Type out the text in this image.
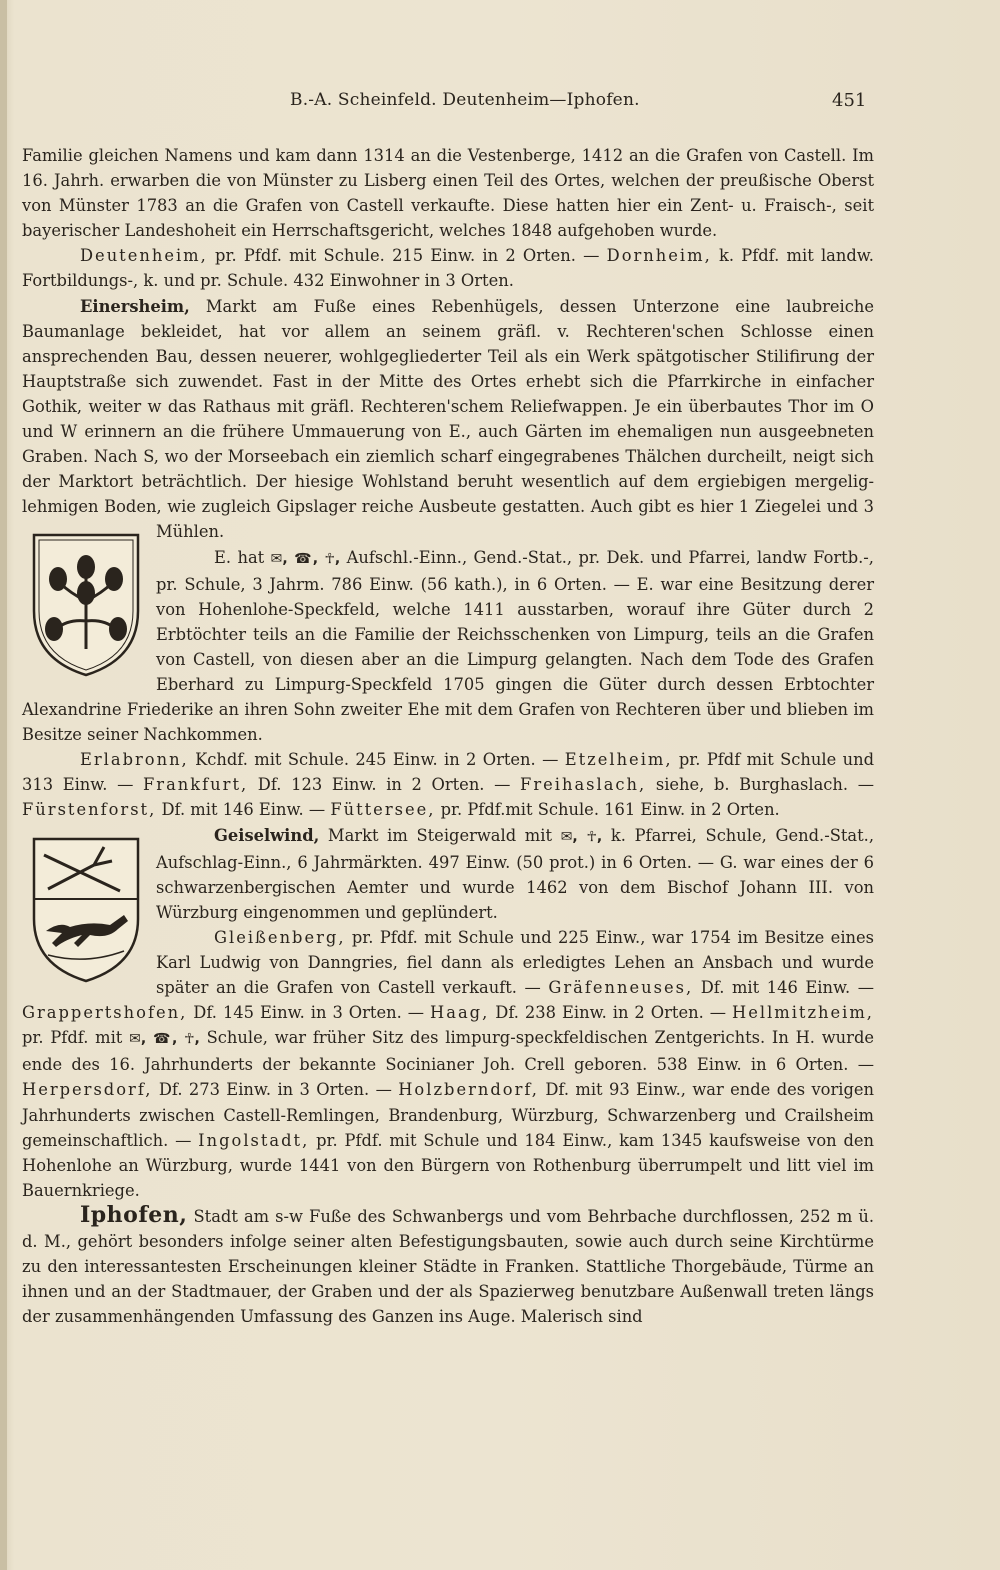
B.-A. Scheinfeld. Deutenheim—Iphofen.	451

Familie gleichen Namens und kam dann 1314 an die Vestenberge, 1412 an die Grafen von Castell. Im 16. Jahrh. erwarben die von Münster zu Lisberg einen Teil des Ortes, welchen der preußische Oberst von Münster 1783 an die Grafen von Castell verkaufte. Diese hatten hier ein Zent- u. Fraisch-, seit bayerischer Landeshoheit ein Herrschaftsgericht, welches 1848 aufgehoben wurde.

Deutenheim, pr. Pfdf. mit Schule. 215 Einw. in 2 Orten. — Dornheim, k. Pfdf. mit landw. Fortbildungs-, k. und pr. Schule. 432 Einwohner in 3 Orten.

Einersheim, Markt am Fuße eines Rebenhügels, dessen Unterzone eine laubreiche Baumanlage bekleidet, hat vor allem an seinem gräfl. v. Rechteren'schen Schlosse einen ansprechenden Bau, dessen neuerer, wohlgegliederter Teil als ein Werk spätgotischer Stilifirung der Hauptstraße sich zuwendet. Fast in der Mitte des Ortes erhebt sich die Pfarrkirche in einfacher Gothik, weiter w das Rathaus mit gräfl. Rechteren'schem Reliefwappen. Je ein überbautes Thor im O und W erinnern an die frühere Ummauerung von E., auch Gärten im ehemaligen nun ausgeebneten Graben. Nach S, wo der Morseebach ein ziemlich scharf eingegrabenes Thälchen durcheilt, neigt sich der Marktort beträchtlich. Der hiesige Wohlstand beruht wesentlich auf dem ergiebigen mergelig-lehmigen Boden, wie zugleich Gipslager reiche Ausbeute gestatten. Auch gibt es hier 1 Ziegelei und 3 Mühlen.

E. hat ✉, ☎, ☥, Aufschl.-Einn., Gend.-Stat., pr. Dek. und Pfarrei, landw Fortb.-, pr. Schule, 3 Jahrm. 786 Einw. (56 kath.), in 6 Orten. — E. war eine Besitzung derer von Hohenlohe-Speckfeld, welche 1411 ausstarben, worauf ihre Güter durch 2 Erbtöchter teils an die Familie der Reichsschenken von Limpurg, teils an die Grafen von Castell, von diesen aber an die Limpurg gelangten. Nach dem Tode des Grafen Eberhard zu Limpurg-Speckfeld 1705 gingen die Güter durch dessen Erbtochter Alexandrine Friederike an ihren Sohn zweiter Ehe mit dem Grafen von Rechteren über und blieben im Besitze seiner Nachkommen.

Erlabronn, Kchdf. mit Schule. 245 Einw. in 2 Orten. — Etzelheim, pr. Pfdf mit Schule und 313 Einw. — Frankfurt, Df. 123 Einw. in 2 Orten. — Freihaslach, siehe, b. Burghaslach. — Fürstenforst, Df. mit 146 Einw. — Füttersee, pr. Pfdf.mit Schule. 161 Einw. in 2 Orten.

Geiselwind, Markt im Steigerwald mit
✉, ☥, k. Pfarrei, Schule, Gend.-Stat., Aufschlag-Einn., 6 Jahrmärkten. 497 Einw. (50 prot.) in 6 Orten. — G. war eines der 6 schwarzenbergischen Aemter und wurde 1462 von dem Bischof Johann III. von Würzburg eingenommen und geplündert.

Gleißenberg, pr. Pfdf. mit Schule und 225 Einw., war 1754 im Besitze eines Karl Ludwig von Danngries, fiel dann als erledigtes Lehen an Ansbach und wurde später an die Grafen von Castell verkauft. — Gräfenneuses, Df. mit 146 Einw. — Grappertshofen, Df. 145 Einw. in 3 Orten. — Haag, Df. 238 Einw. in 2 Orten. — Hellmitzheim, pr. Pfdf. mit ✉, ☎, ☥, Schule, war früher Sitz des limpurg-speckfeldischen Zentgerichts. In H. wurde ende des 16. Jahrhunderts der bekannte Socinianer Joh. Crell geboren. 538 Einw. in 6 Orten. — Herpersdorf, Df. 273 Einw. in 3 Orten. — Holzberndorf, Df. mit 93 Einw., war ende des vorigen Jahrhunderts zwischen Castell-Remlingen, Brandenburg, Würzburg, Schwarzenberg und Crailsheim gemeinschaftlich. — Ingolstadt, pr. Pfdf. mit Schule und 184 Einw., kam 1345 kaufsweise von den Hohenlohe an Würzburg, wurde 1441 von den Bürgern von Rothenburg überrumpelt und litt viel im Bauernkriege.

Iphofen, Stadt am s-w Fuße des Schwanbergs und vom Behrbache durchflossen, 252 m ü. d. M., gehört besonders infolge seiner alten Befestigungsbauten, sowie auch durch seine Kirchtürme zu den interessantesten Erscheinungen kleiner Städte in Franken. Stattliche Thorgebäude, Türme an ihnen und an der Stadtmauer, der Graben und der als Spazierweg benutzbare Außenwall treten längs der zusammenhängenden Umfassung des Ganzen ins Auge. Malerisch sind
